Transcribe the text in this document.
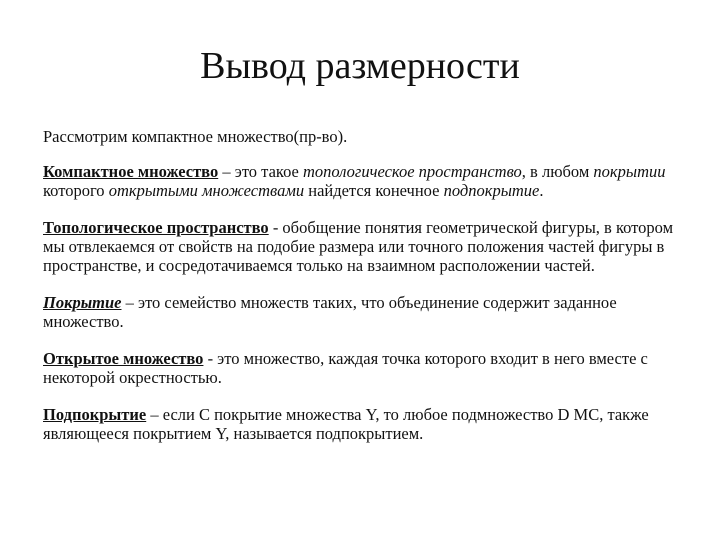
Вывод размерности

Рассмотрим компактное множество(пр-во).

Компактное множество – это такое топологическое пространство, в любом покрытии которого открытыми множествами найдется конечное подпокрытие.

Топологическое пространство - обобщение понятия геометрической фигуры, в котором мы отвлекаемся от свойств на подобие размера или точного положения частей фигуры в пространстве, и сосредотачиваемся только на взаимном расположении частей.

Покрытие – это семейство множеств таких, что объединение содержит заданное множество.

Открытое множество - это множество, каждая точка которого входит в него вместе с некоторой окрестностью.

Подпокрытие – если С покрытие множества Y, то любое подмножество D МС, также являющееся покрытием Y, называется подпокрытием.
